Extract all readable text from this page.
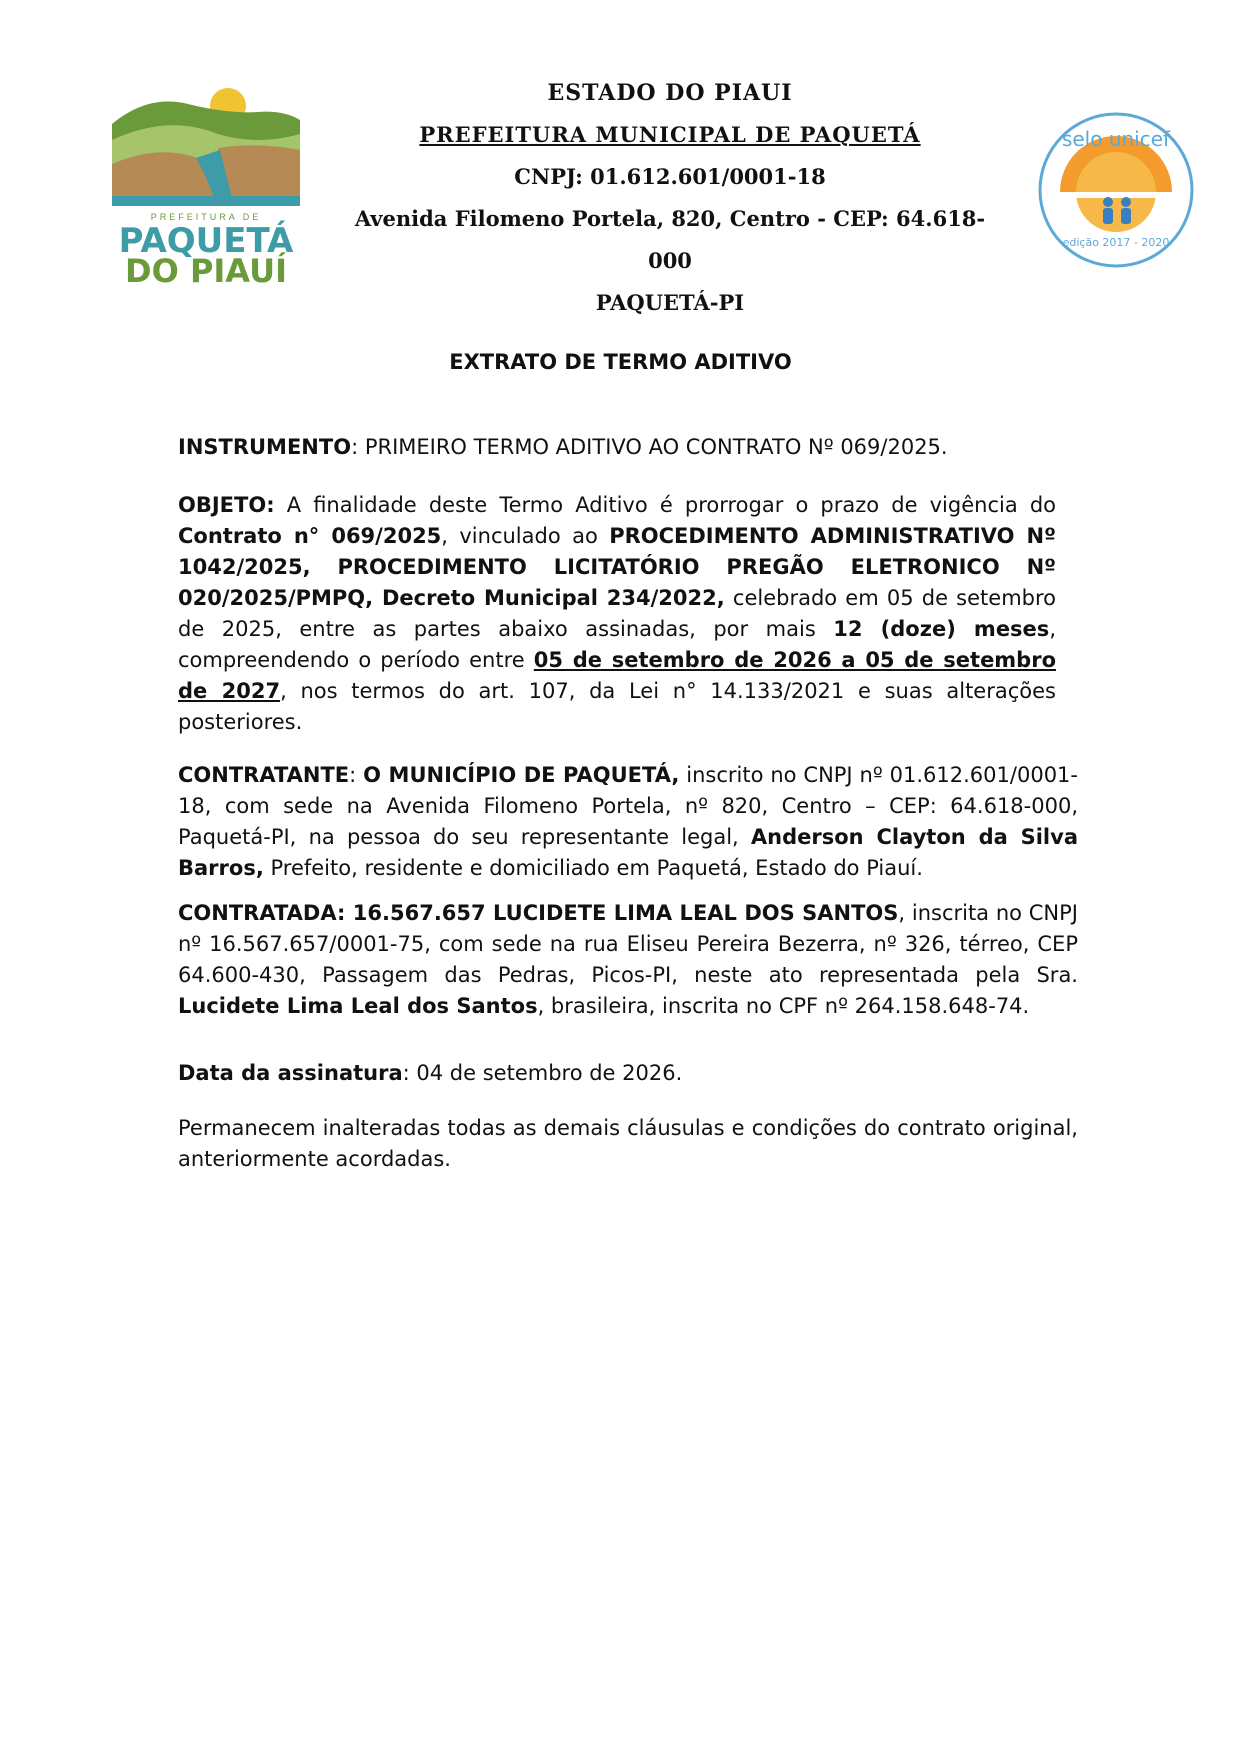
PREFEITURA DE
PAQUETÁ
DO PIAUÍ
ESTADO DO PIAUI
PREFEITURA MUNICIPAL DE PAQUETÁ
CNPJ: 01.612.601/0001-18
Avenida Filomeno Portela, 820, Centro - CEP: 64.618-000
PAQUETÁ-PI
selo unicef
edição 2017 - 2020
EXTRATO DE TERMO ADITIVO
INSTRUMENTO: PRIMEIRO TERMO ADITIVO AO CONTRATO Nº 069/2025.
OBJETO: A finalidade deste Termo Aditivo é prorrogar o prazo de vigência do Contrato n° 069/2025, vinculado ao PROCEDIMENTO ADMINISTRATIVO Nº 1042/2025, PROCEDIMENTO LICITATÓRIO PREGÃO ELETRONICO Nº 020/2025/PMPQ, Decreto Municipal 234/2022, celebrado em 05 de setembro de 2025, entre as partes abaixo assinadas, por mais 12 (doze) meses, compreendendo o período entre 05 de setembro de 2026 a 05 de setembro de 2027, nos termos do art. 107, da Lei n° 14.133/2021 e suas alterações posteriores.
CONTRATANTE: O MUNICÍPIO DE PAQUETÁ, inscrito no CNPJ nº 01.612.601/0001-18, com sede na Avenida Filomeno Portela, nº 820, Centro – CEP: 64.618-000, Paquetá-PI, na pessoa do seu representante legal, Anderson Clayton da Silva Barros, Prefeito, residente e domiciliado em Paquetá, Estado do Piauí.
CONTRATADA: 16.567.657 LUCIDETE LIMA LEAL DOS SANTOS, inscrita no CNPJ nº 16.567.657/0001-75, com sede na rua Eliseu Pereira Bezerra, nº 326, térreo, CEP 64.600-430, Passagem das Pedras, Picos-PI, neste ato representada pela Sra. Lucidete Lima Leal dos Santos, brasileira, inscrita no CPF nº 264.158.648-74.
Data da assinatura: 04 de setembro de 2026.
Permanecem inalteradas todas as demais cláusulas e condições do contrato original, anteriormente acordadas.
